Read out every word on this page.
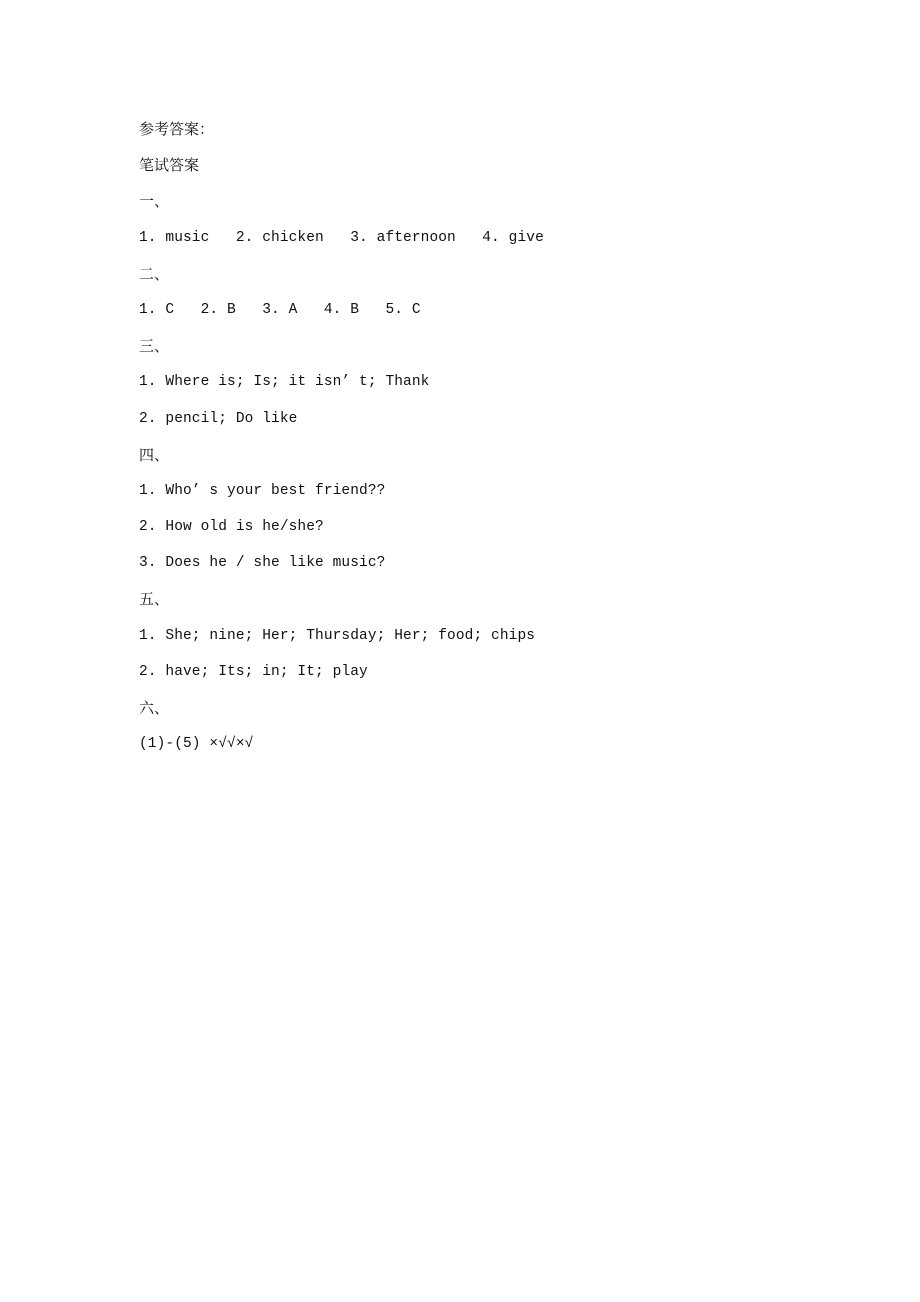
参考答案：
笔试答案
一、
1. music   2. chicken   3. afternoon   4. give
二、
1. C   2. B   3. A   4. B   5. C
三、
1. Where is; Is; it isn’ t; Thank
2. pencil; Do like
四、
1. Who’ s your best friend??
2. How old is he/she?
3. Does he / she like music?
五、
1. She; nine; Her; Thursday; Her; food; chips
2. have; Its; in; It; play
六、
(1)-(5) ×√√×√
